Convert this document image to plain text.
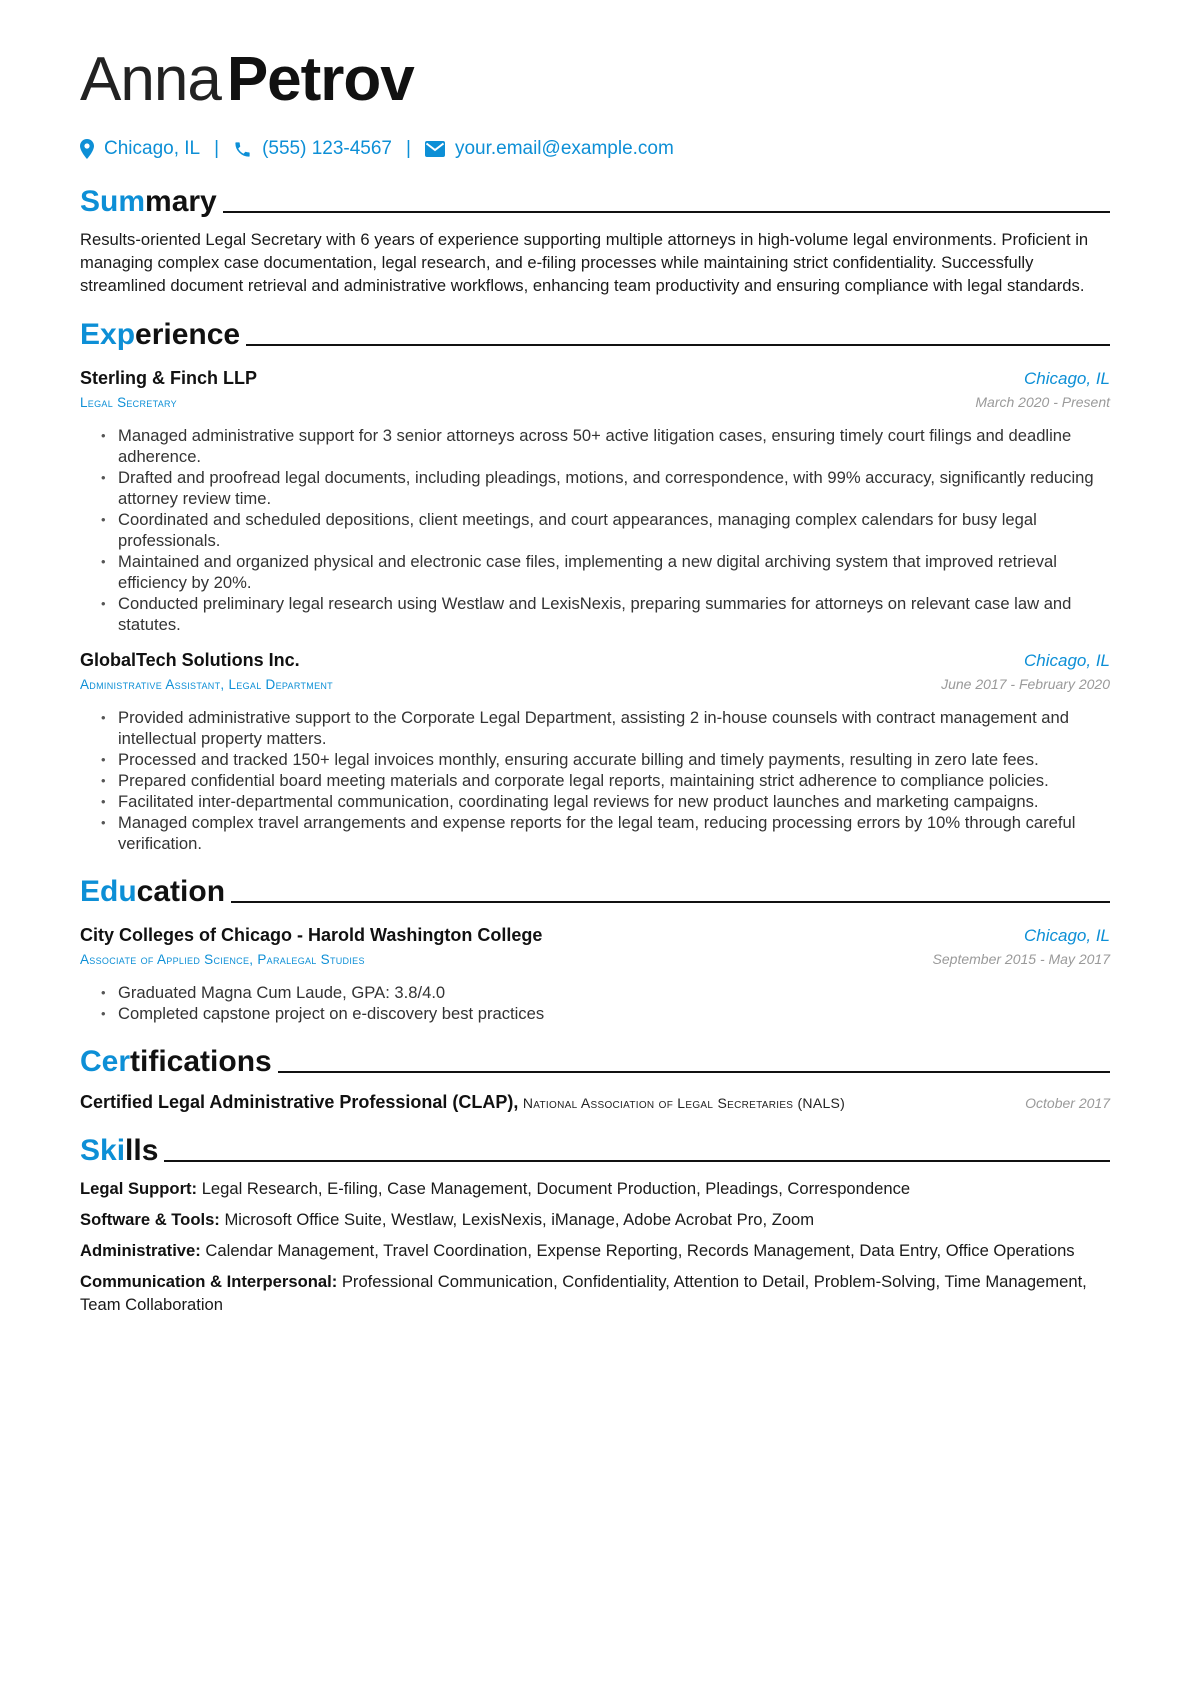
AnnaPetrov
Chicago, IL | (555) 123-4567 | your.email@example.com
Summary
Results-oriented Legal Secretary with 6 years of experience supporting multiple attorneys in high-volume legal environments. Proficient in managing complex case documentation, legal research, and e-filing processes while maintaining strict confidentiality. Successfully streamlined document retrieval and administrative workflows, enhancing team productivity and ensuring compliance with legal standards.
Experience
Sterling & Finch LLP	Chicago, IL
Legal Secretary	March 2020 - Present
• Managed administrative support for 3 senior attorneys across 50+ active litigation cases, ensuring timely court filings and deadline adherence.
• Drafted and proofread legal documents, including pleadings, motions, and correspondence, with 99% accuracy, significantly reducing attorney review time.
• Coordinated and scheduled depositions, client meetings, and court appearances, managing complex calendars for busy legal professionals.
• Maintained and organized physical and electronic case files, implementing a new digital archiving system that improved retrieval efficiency by 20%.
• Conducted preliminary legal research using Westlaw and LexisNexis, preparing summaries for attorneys on relevant case law and statutes.
GlobalTech Solutions Inc.	Chicago, IL
Administrative Assistant, Legal Department	June 2017 - February 2020
• Provided administrative support to the Corporate Legal Department, assisting 2 in-house counsels with contract management and intellectual property matters.
• Processed and tracked 150+ legal invoices monthly, ensuring accurate billing and timely payments, resulting in zero late fees.
• Prepared confidential board meeting materials and corporate legal reports, maintaining strict adherence to compliance policies.
• Facilitated inter-departmental communication, coordinating legal reviews for new product launches and marketing campaigns.
• Managed complex travel arrangements and expense reports for the legal team, reducing processing errors by 10% through careful verification.
Education
City Colleges of Chicago - Harold Washington College	Chicago, IL
Associate of Applied Science, Paralegal Studies	September 2015 - May 2017
• Graduated Magna Cum Laude, GPA: 3.8/4.0
• Completed capstone project on e-discovery best practices
Certifications
Certified Legal Administrative Professional (CLAP), National Association of Legal Secretaries (NALS)	October 2017
Skills
Legal Support: Legal Research, E-filing, Case Management, Document Production, Pleadings, Correspondence
Software & Tools: Microsoft Office Suite, Westlaw, LexisNexis, iManage, Adobe Acrobat Pro, Zoom
Administrative: Calendar Management, Travel Coordination, Expense Reporting, Records Management, Data Entry, Office Operations
Communication & Interpersonal: Professional Communication, Confidentiality, Attention to Detail, Problem-Solving, Time Management, Team Collaboration
